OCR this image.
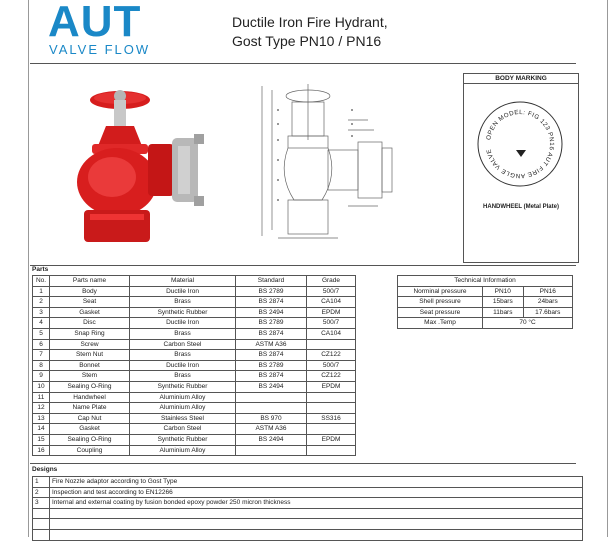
AUT
VALVE FLOW
Ductile Iron Fire Hydrant,
Gost Type PN10 / PN16
BODY MARKING
OPEN MODEL: FIG 123 PN16 AUT FIRE ANGLE VALVE
HANDWHEEL (Metal Plate)
Parts
No.	Parts name	Material	Standard	Grade
1	Body	Ductile Iron	BS 2789	500/7
2	Seat	Brass	BS 2874	CA104
3	Gasket	Synthetic Rubber	BS 2494	EPDM
4	Disc	Ductile Iron	BS 2789	500/7
5	Snap Ring	Brass	BS 2874	CA104
6	Screw	Carbon Steel	ASTM A36	
7	Stem Nut	Brass	BS 2874	CZ122
8	Bonnet	Ductile Iron	BS 2789	500/7
9	Stem	Brass	BS 2874	CZ122
10	Sealing O-Ring	Synthetic Rubber	BS 2494	EPDM
11	Handwheel	Aluminium Alloy		
12	Name Plate	Aluminium Alloy		
13	Cap Nut	Stainless Steel	BS 970	SS316
14	Gasket	Carbon Steel	ASTM A36	
15	Sealing O-Ring	Synthetic Rubber	BS 2494	EPDM
16	Coupling	Aluminium Alloy		
Technical Information		
Norminal pressure	PN10	PN16
Shell pressure	15bars	24bars
Seat pressure	11bars	17.6bars
Max .Temp	70 °C	
Designs
1	Fire Nozzle adaptor according to Gost Type
2	Inspection and test according to EN12266
3	Internal and external coating by fusion bonded epoxy powder 250 micron thickness
